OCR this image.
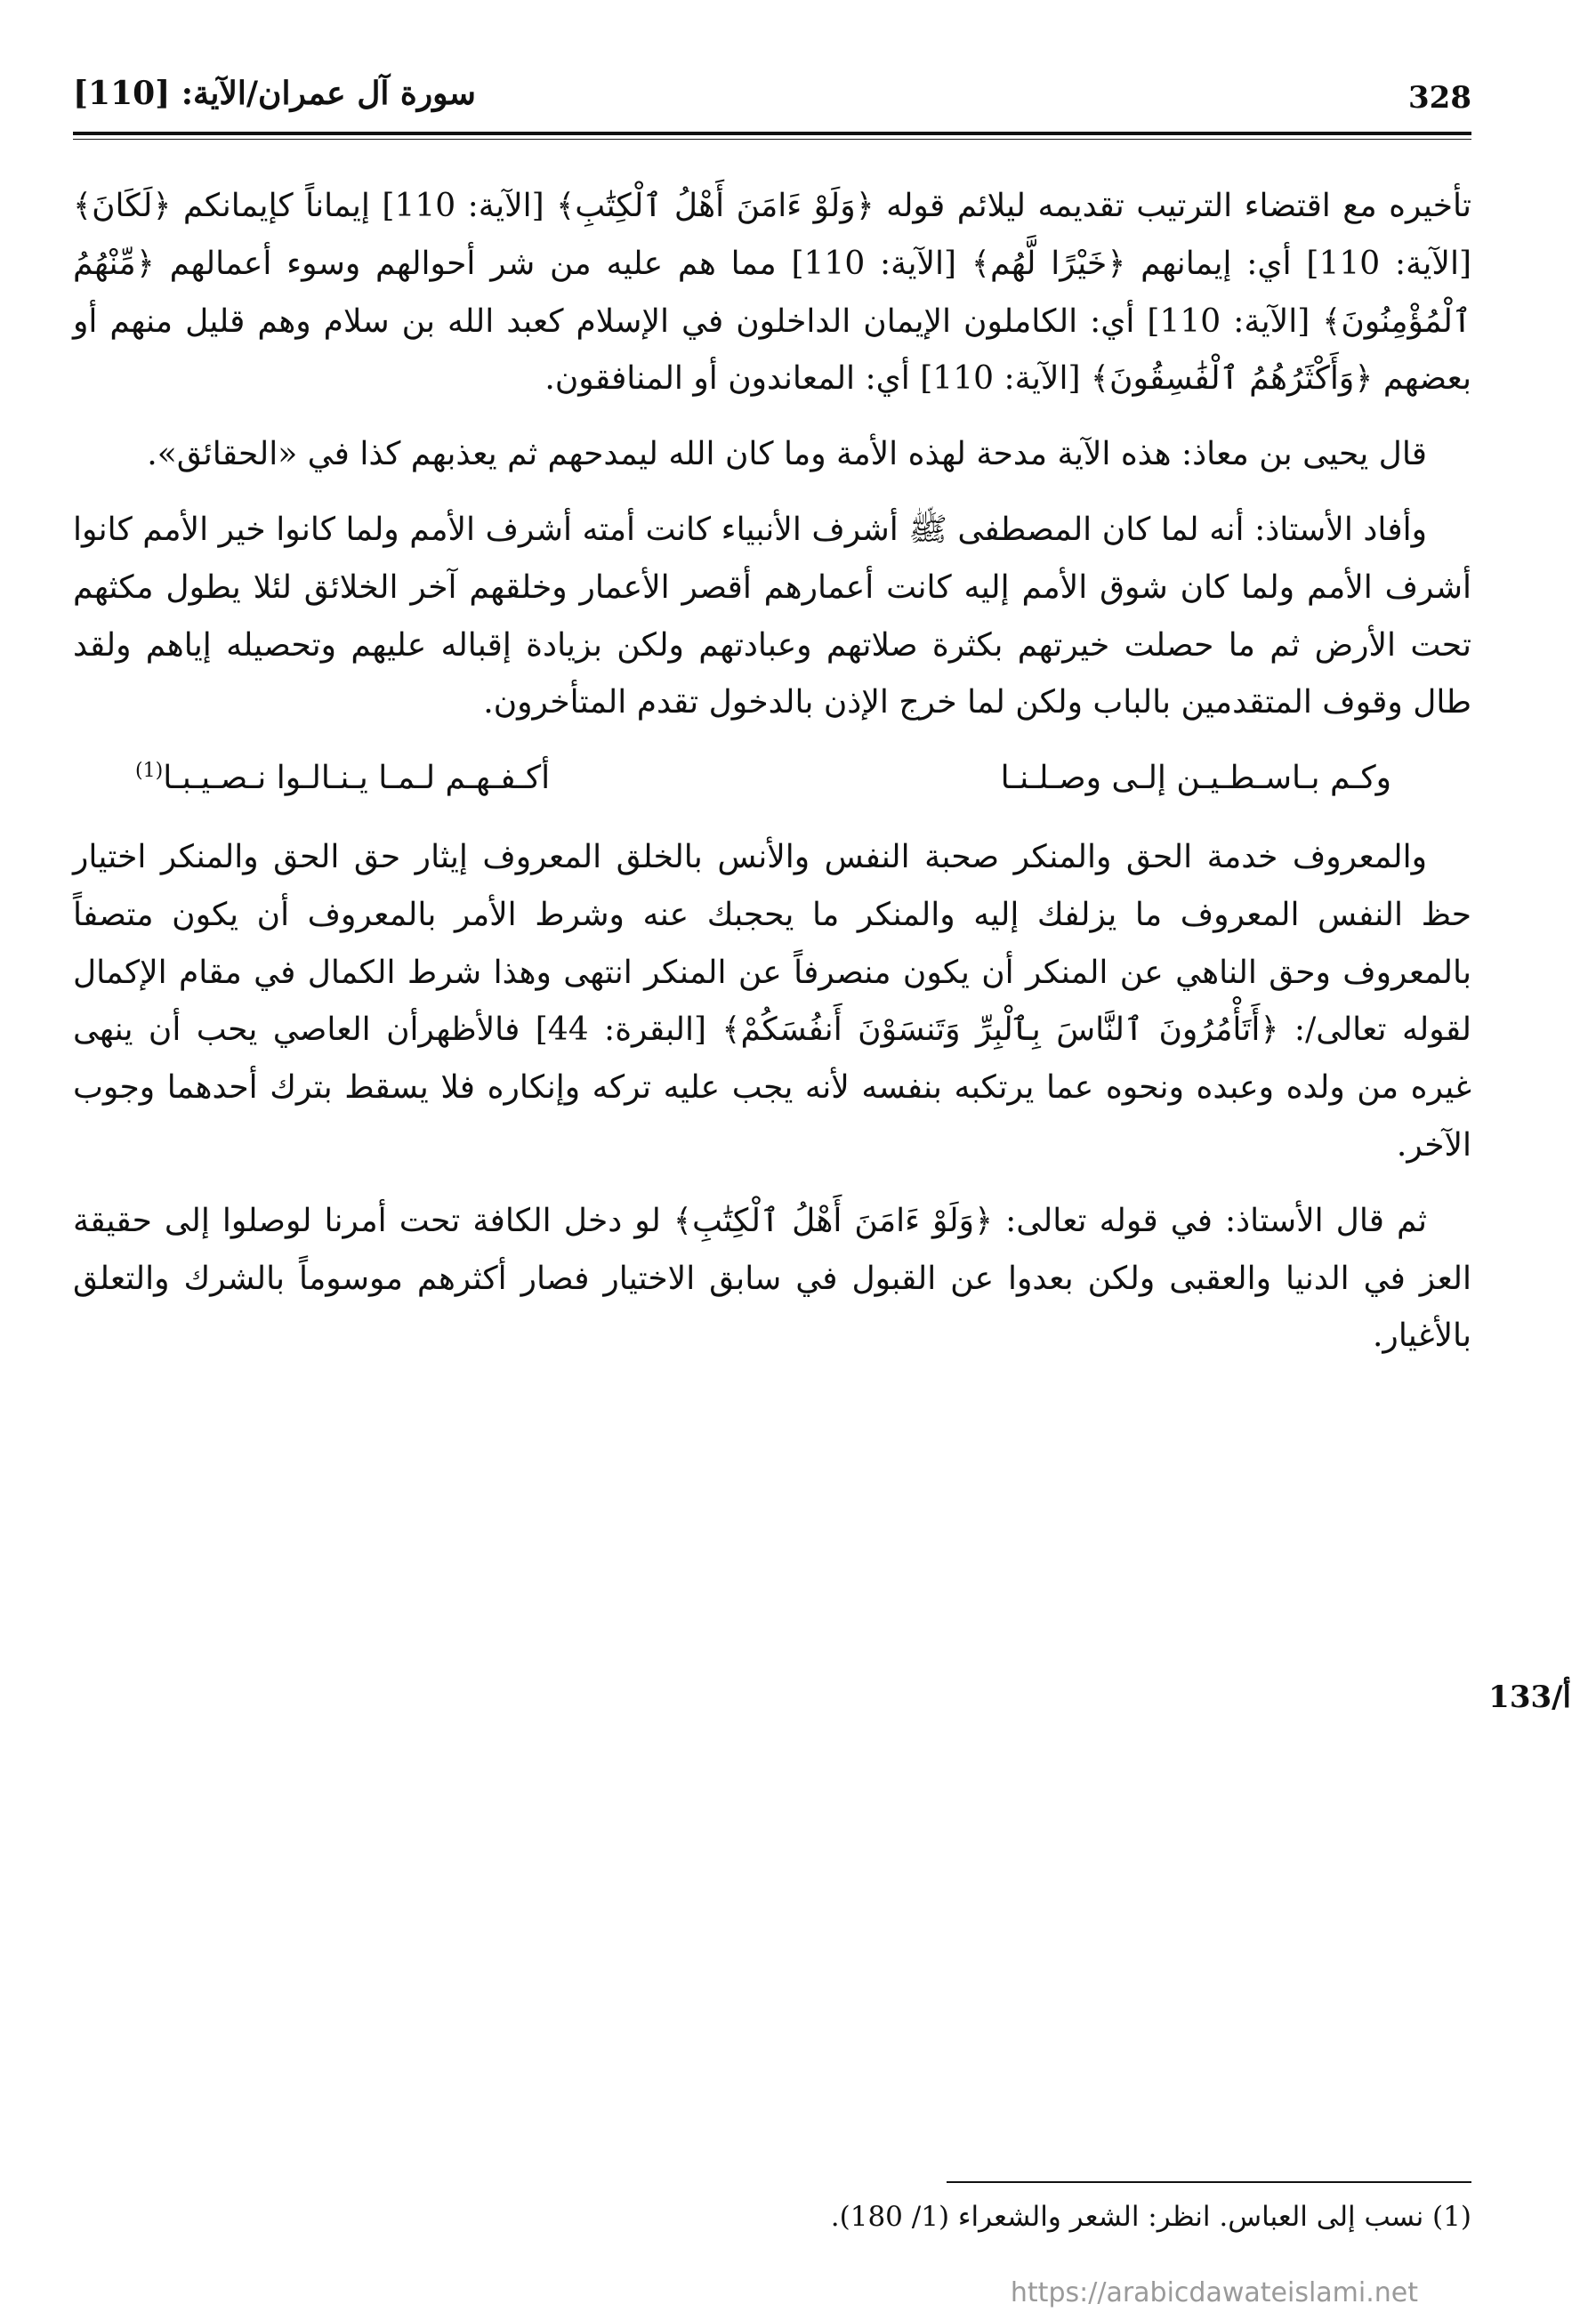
328
سورة آل عمران/الآية: [110]

تأخيره مع اقتضاء الترتيب تقديمه ليلائم قوله ﴿وَلَوْ ءَامَنَ أَهْلُ ٱلْكِتَٰبِ﴾ [الآية: 110] إيماناً كإيمانكم ﴿لَكَانَ﴾ [الآية: 110] أي: إيمانهم ﴿خَيْرًا لَّهُم﴾ [الآية: 110] مما هم عليه من شر أحوالهم وسوء أعمالهم ﴿مِّنْهُمُ ٱلْمُؤْمِنُونَ﴾ [الآية: 110] أي: الكاملون الإيمان الداخلون في الإسلام كعبد الله بن سلام وهم قليل منهم أو بعضهم ﴿وَأَكْثَرُهُمُ ٱلْفَٰسِقُونَ﴾ [الآية: 110] أي: المعاندون أو المنافقون.

قال يحيى بن معاذ: هذه الآية مدحة لهذه الأمة وما كان الله ليمدحهم ثم يعذبهم كذا في «الحقائق».

وأفاد الأستاذ: أنه لما كان المصطفى ﷺ أشرف الأنبياء كانت أمته أشرف الأمم ولما كانوا خير الأمم كانوا أشرف الأمم ولما كان شوق الأمم إليه كانت أعمارهم أقصر الأعمار وخلقهم آخر الخلائق لئلا يطول مكثهم تحت الأرض ثم ما حصلت خيرتهم بكثرة صلاتهم وعبادتهم ولكن بزيادة إقباله عليهم وتحصيله إياهم ولقد طال وقوف المتقدمين بالباب ولكن لما خرج الإذن بالدخول تقدم المتأخرون.

وكـم بـاسـطـيـن إلـى وصـلـنـا
أكـفـهـم لـمـا يـنـالـوا نـصـيـبـا$^{(1)}$

والمعروف خدمة الحق والمنكر صحبة النفس والأنس بالخلق المعروف إيثار حق الحق والمنكر اختيار حظ النفس المعروف ما يزلفك إليه والمنكر ما يحجبك عنه وشرط الأمر بالمعروف أن يكون متصفاً بالمعروف وحق الناهي عن المنكر أن يكون منصرفاً عن المنكر انتهى وهذا شرط الكمال في مقام الإكمال لقوله تعالى/: ﴿أَتَأْمُرُونَ ٱلنَّاسَ بِٱلْبِرِّ وَتَنسَوْنَ أَنفُسَكُمْ﴾ [البقرة: 44] فالأظهرأن العاصي يحب أن ينهى غيره من ولده وعبده ونحوه عما يرتكبه بنفسه لأنه يجب عليه تركه وإنكاره فلا يسقط بترك أحدهما وجوب الآخر.

ثم قال الأستاذ: في قوله تعالى: ﴿وَلَوْ ءَامَنَ أَهْلُ ٱلْكِتَٰبِ﴾ لو دخل الكافة تحت أمرنا لوصلوا إلى حقيقة العز في الدنيا والعقبى ولكن بعدوا عن القبول في سابق الاختيار فصار أكثرهم موسوماً بالشرك والتعلق بالأغيار.

133/أ
(1) نسب إلى العباس. انظر: الشعر والشعراء (1/ 180).
https://arabicdawateislami.net
